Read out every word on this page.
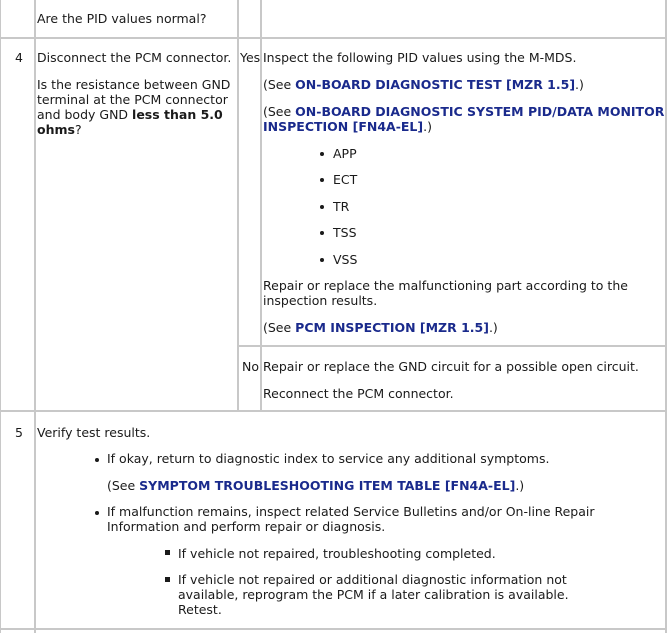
Are the PID values normal?
4 Disconnect the PCM connector.
Is the resistance between GND
terminal at the PCM connector
and body GND less than 5.0
ohms?
Yes Inspect the following PID values using the M-MDS.
(See ON-BOARD DIAGNOSTIC TEST [MZR 1.5].)
(See ON-BOARD DIAGNOSTIC SYSTEM PID/DATA MONITOR
INSPECTION [FN4A-EL].)
APP
ECT
TR
TSS
VSS
Repair or replace the malfunctioning part according to the
inspection results.
(See PCM INSPECTION [MZR 1.5].)
No Repair or replace the GND circuit for a possible open circuit.
Reconnect the PCM connector.
5 Verify test results.
If okay, return to diagnostic index to service any additional symptoms.
(See SYMPTOM TROUBLESHOOTING ITEM TABLE [FN4A-EL].)
If malfunction remains, inspect related Service Bulletins and/or On-line Repair
Information and perform repair or diagnosis.
If vehicle not repaired, troubleshooting completed.
If vehicle not repaired or additional diagnostic information not
available, reprogram the PCM if a later calibration is available.
Retest.
